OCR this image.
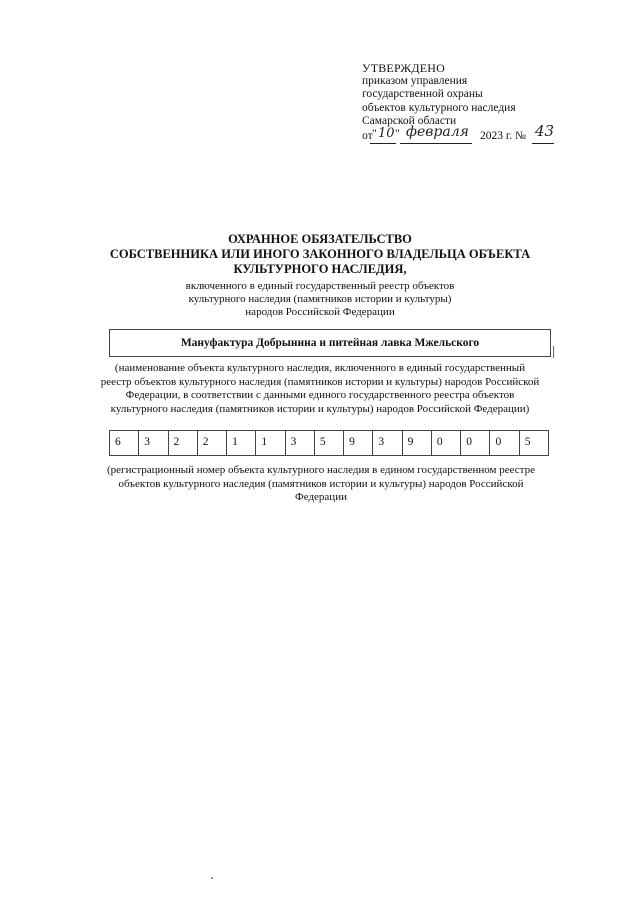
УТВЕРЖДЕНО
приказом управления
государственной охраны
объектов культурного наследия
Самарской области
от " 10 " февраля 2023 г. № 43
ОХРАННОЕ ОБЯЗАТЕЛЬСТВО
СОБСТВЕННИКА ИЛИ ИНОГО ЗАКОННОГО ВЛАДЕЛЬЦА ОБЪЕКТА
КУЛЬТУРНОГО НАСЛЕДИЯ,
включенного в единый государственный реестр объектов
культурного наследия (памятников истории и культуры)
народов Российской Федерации
Мануфактура Добрынина и питейная лавка Мжельского
(наименование объекта культурного наследия, включенного в единый государственный
реестр объектов культурного наследия (памятников истории и культуры) народов Российской
Федерации, в соответствии с данными единого государственного реестра объектов
культурного наследия (памятников истории и культуры) народов Российской Федерации)
6 3 2 2 1 1 3 5 9 3 9 0 0 0 5
(регистрационный номер объекта культурного наследия в едином государственном реестре
объектов культурного наследия (памятников истории и культуры) народов Российской
Федерации
